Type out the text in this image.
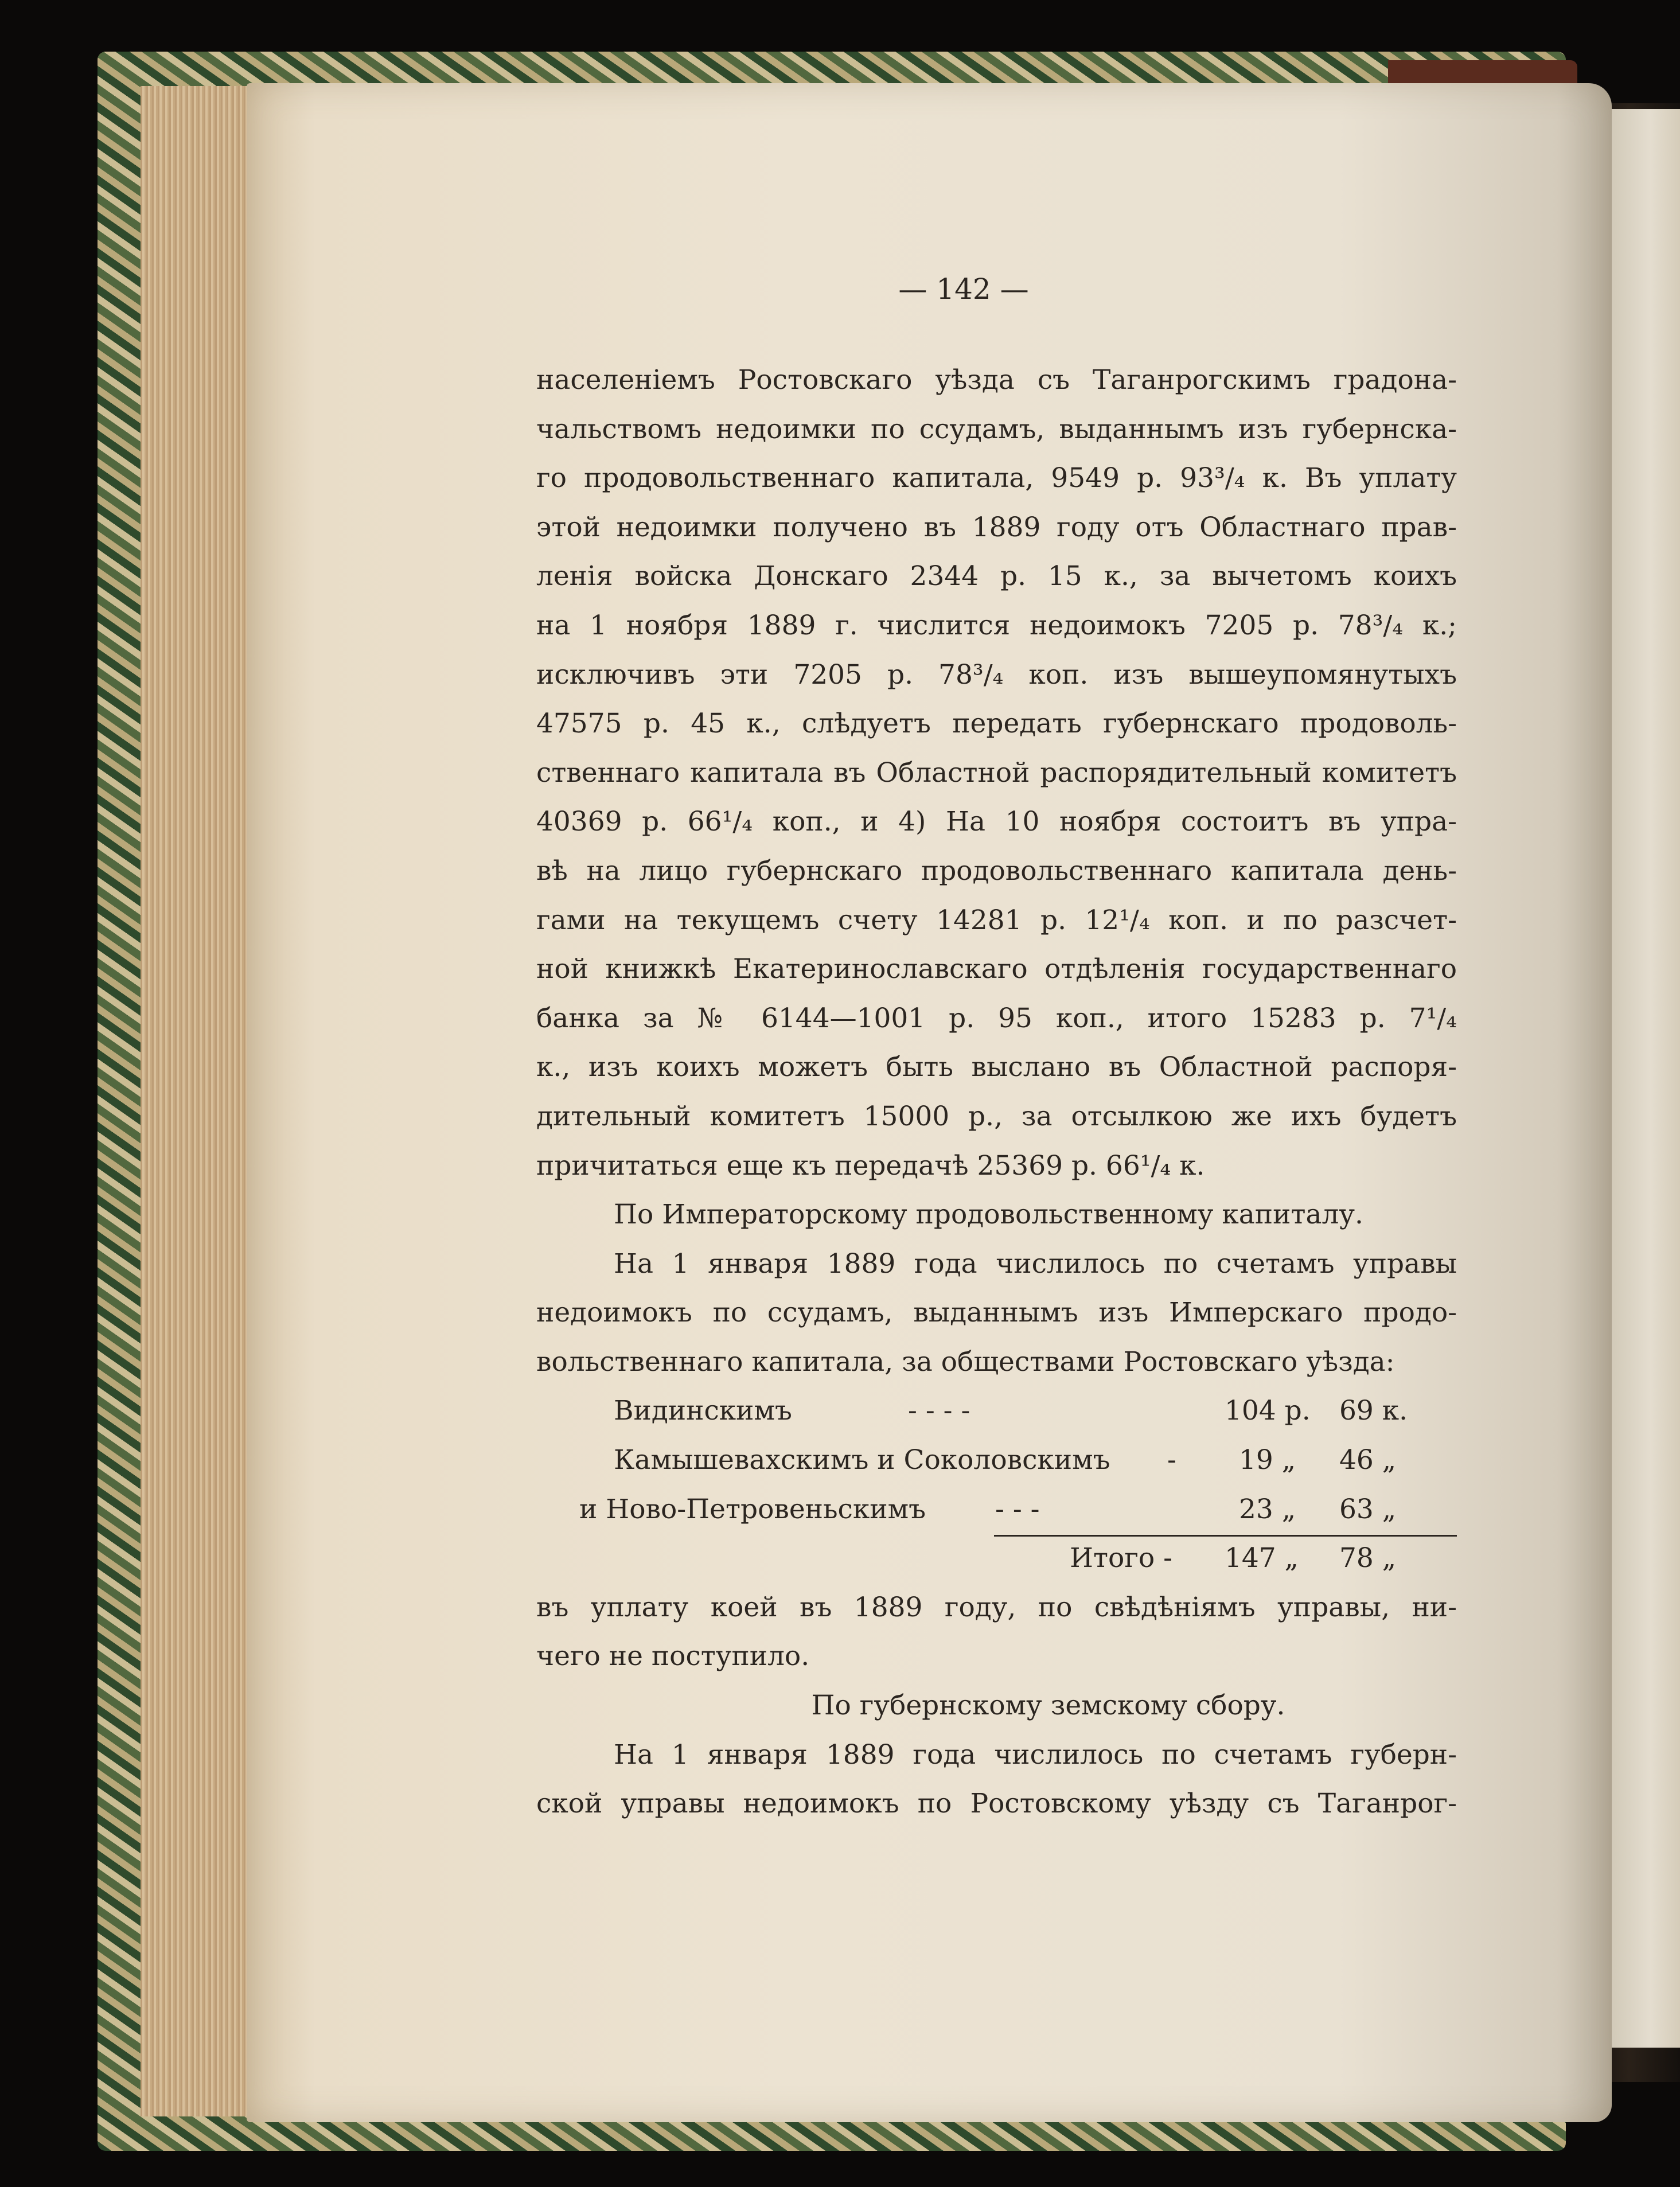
— 142 —
населеніемъ Ростовскаго уѣзда съ Таганрогскимъ градона-
чальствомъ недоимки по ссудамъ, выданнымъ изъ губернска-
го продовольственнаго капитала, 9549 р. 93³/₄ к. Въ уплату
этой недоимки получено въ 1889 году отъ Областнаго прав-
ленія войска Донскаго 2344 р. 15 к., за вычетомъ коихъ
на 1 ноября 1889 г. числится недоимокъ 7205 р. 78³/₄ к.;
исключивъ эти 7205 р. 78³/₄ коп. изъ вышеупомянутыхъ
47575 р. 45 к., слѣдуетъ передать губернскаго продоволь-
ственнаго капитала въ Областной распорядительный комитетъ
40369 р. 66¹/₄ коп., и 4) На 10 ноября состоитъ въ упра-
вѣ на лицо губернскаго продовольственнаго капитала день-
гами на текущемъ счету 14281 р. 12¹/₄ коп. и по разсчет-
ной книжкѣ Екатеринославскаго отдѣленія государственнаго
банка за № 6144—1001 р. 95 коп., итого 15283 р. 7¹/₄
к., изъ коихъ можетъ быть выслано въ Областной распоря-
дительный комитетъ 15000 р., за отсылкою же ихъ будетъ
причитаться еще къ передачѣ 25369 р. 66¹/₄ к.
По Императорскому продовольственному капиталу.
На 1 января 1889 года числилось по счетамъ управы
недоимокъ по ссудамъ, выданнымъ изъ Имперскаго продо-
вольственнаго капитала, за обществами Ростовскаго уѣзда:
Видинскимъ	- - - -	104 р. 69 к.
Камышевахскимъ и Соколовскимъ - 19 „ 46 „
и Ново-Петровеньскимъ	- - -	23 „ 63 „
Итого - 147 „ 78 „
въ уплату коей въ 1889 году, по свѣдѣніямъ управы, ни-
чего не поступило.
По губернскому земскому сбору.
На 1 января 1889 года числилось по счетамъ губерн-
ской управы недоимокъ по Ростовскому уѣзду съ Таганрог-
